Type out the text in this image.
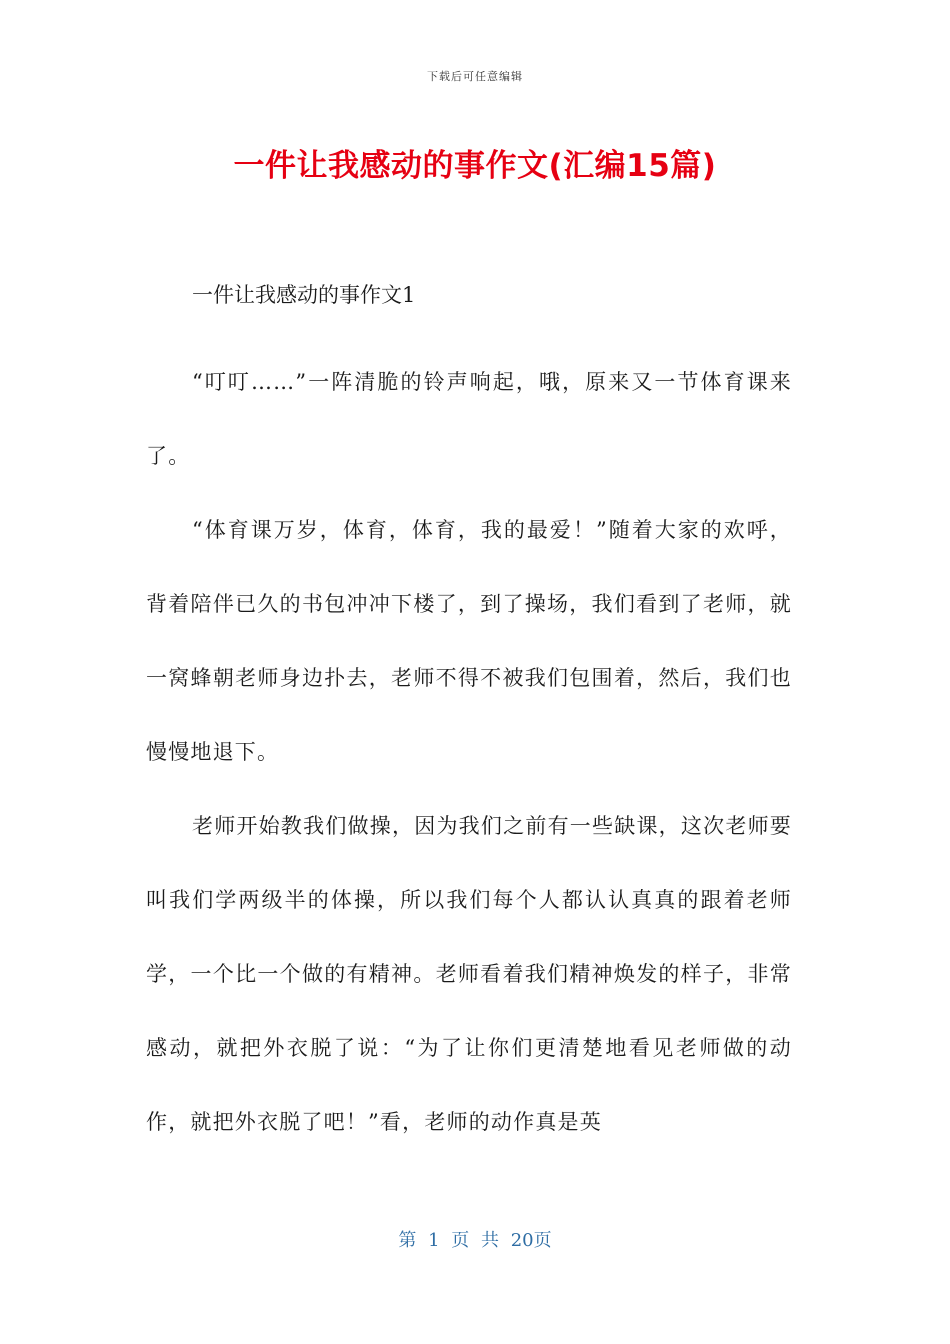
下载后可任意编辑
一件让我感动的事作文(汇编15篇)

一件让我感动的事作文1

“叮叮……”一阵清脆的铃声响起，哦，原来又一节体育课来了。

“体育课万岁，体育，体育，我的最爱！”随着大家的欢呼，背着陪伴已久的书包冲冲下楼了，到了操场，我们看到了老师，就一窝蜂朝老师身边扑去，老师不得不被我们包围着，然后，我们也慢慢地退下。

老师开始教我们做操，因为我们之前有一些缺课，这次老师要叫我们学两级半的体操，所以我们每个人都认认真真的跟着老师学，一个比一个做的有精神。老师看着我们精神焕发的样子，非常感动，就把外衣脱了说：“为了让你们更清楚地看见老师做的动作，就把外衣脱了吧！”看，老师的动作真是英

第 1 页 共 20页
